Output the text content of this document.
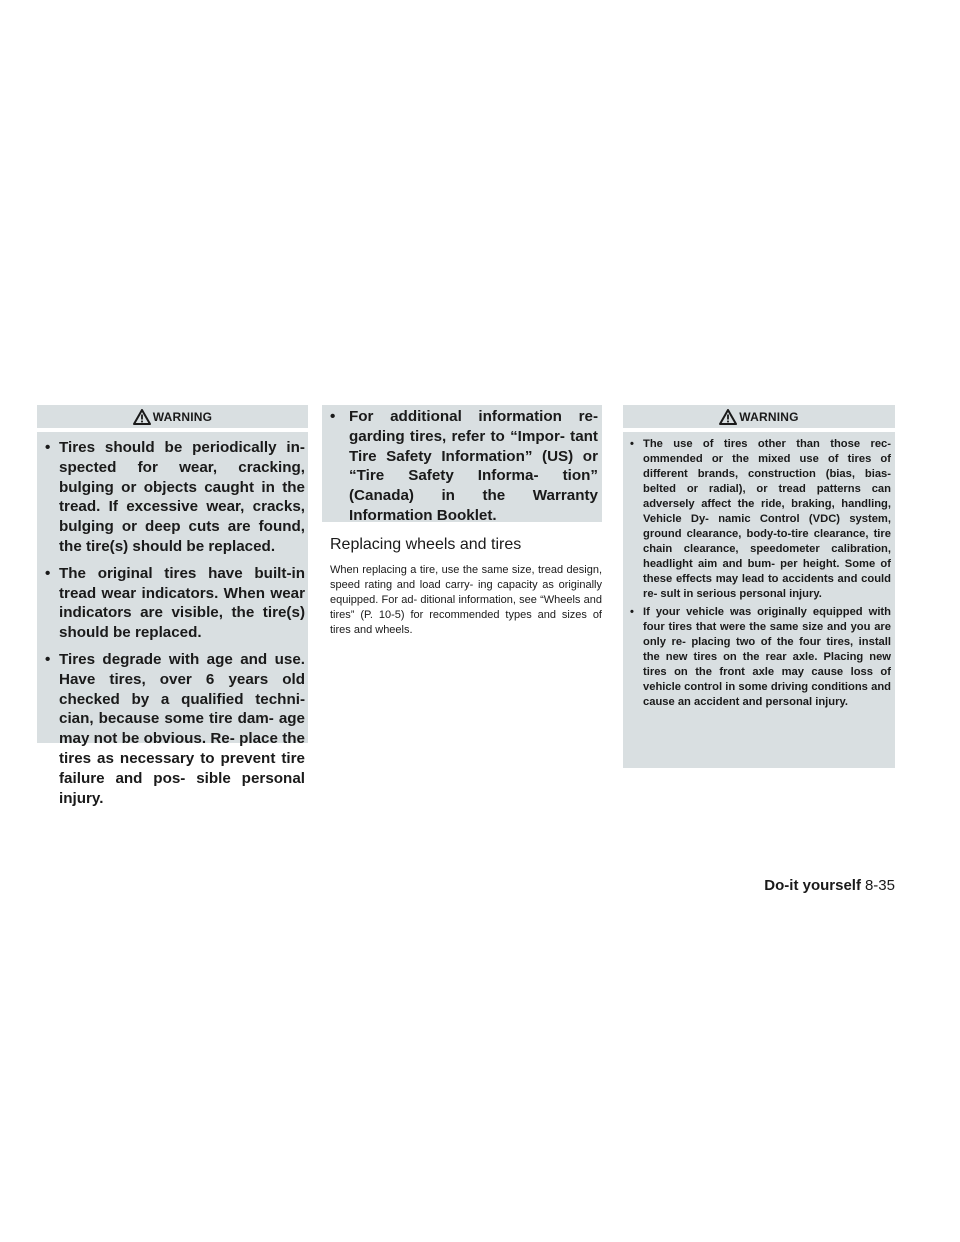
WARNING
• Tires should be periodically in- spected for wear, cracking, bulging or objects caught in the tread. If excessive wear, cracks, bulging or deep cuts are found, the tire(s) should be replaced.
• The original tires have built-in tread wear indicators. When wear indicators are visible, the tire(s) should be replaced.
• Tires degrade with age and use. Have tires, over 6 years old checked by a qualified techni- cian, because some tire dam- age may not be obvious. Re- place the tires as necessary to prevent tire failure and pos- sible personal injury.
• For additional information re- garding tires, refer to “Impor- tant Tire Safety Information” (US) or “Tire Safety Informa- tion” (Canada) in the Warranty Information Booklet.
Replacing wheels and tires

When replacing a tire, use the same size, tread design, speed rating and load carry- ing capacity as originally equipped. For ad- ditional information, see “Wheels and tires” (P. 10-5) for recommended types and sizes of tires and wheels.

WARNING
• The use of tires other than those rec- ommended or the mixed use of tires of different brands, construction (bias, bias-belted or radial), or tread patterns can adversely affect the ride, braking, handling, Vehicle Dy- namic Control (VDC) system, ground clearance, body-to-tire clearance, tire chain clearance, speedometer calibration, headlight aim and bum- per height. Some of these effects may lead to accidents and could re- sult in serious personal injury.
• If your vehicle was originally equipped with four tires that were the same size and you are only re- placing two of the four tires, install the new tires on the rear axle. Placing new tires on the front axle may cause loss of vehicle control in some driving conditions and cause an accident and personal injury.
Do-it yourself 8-35
